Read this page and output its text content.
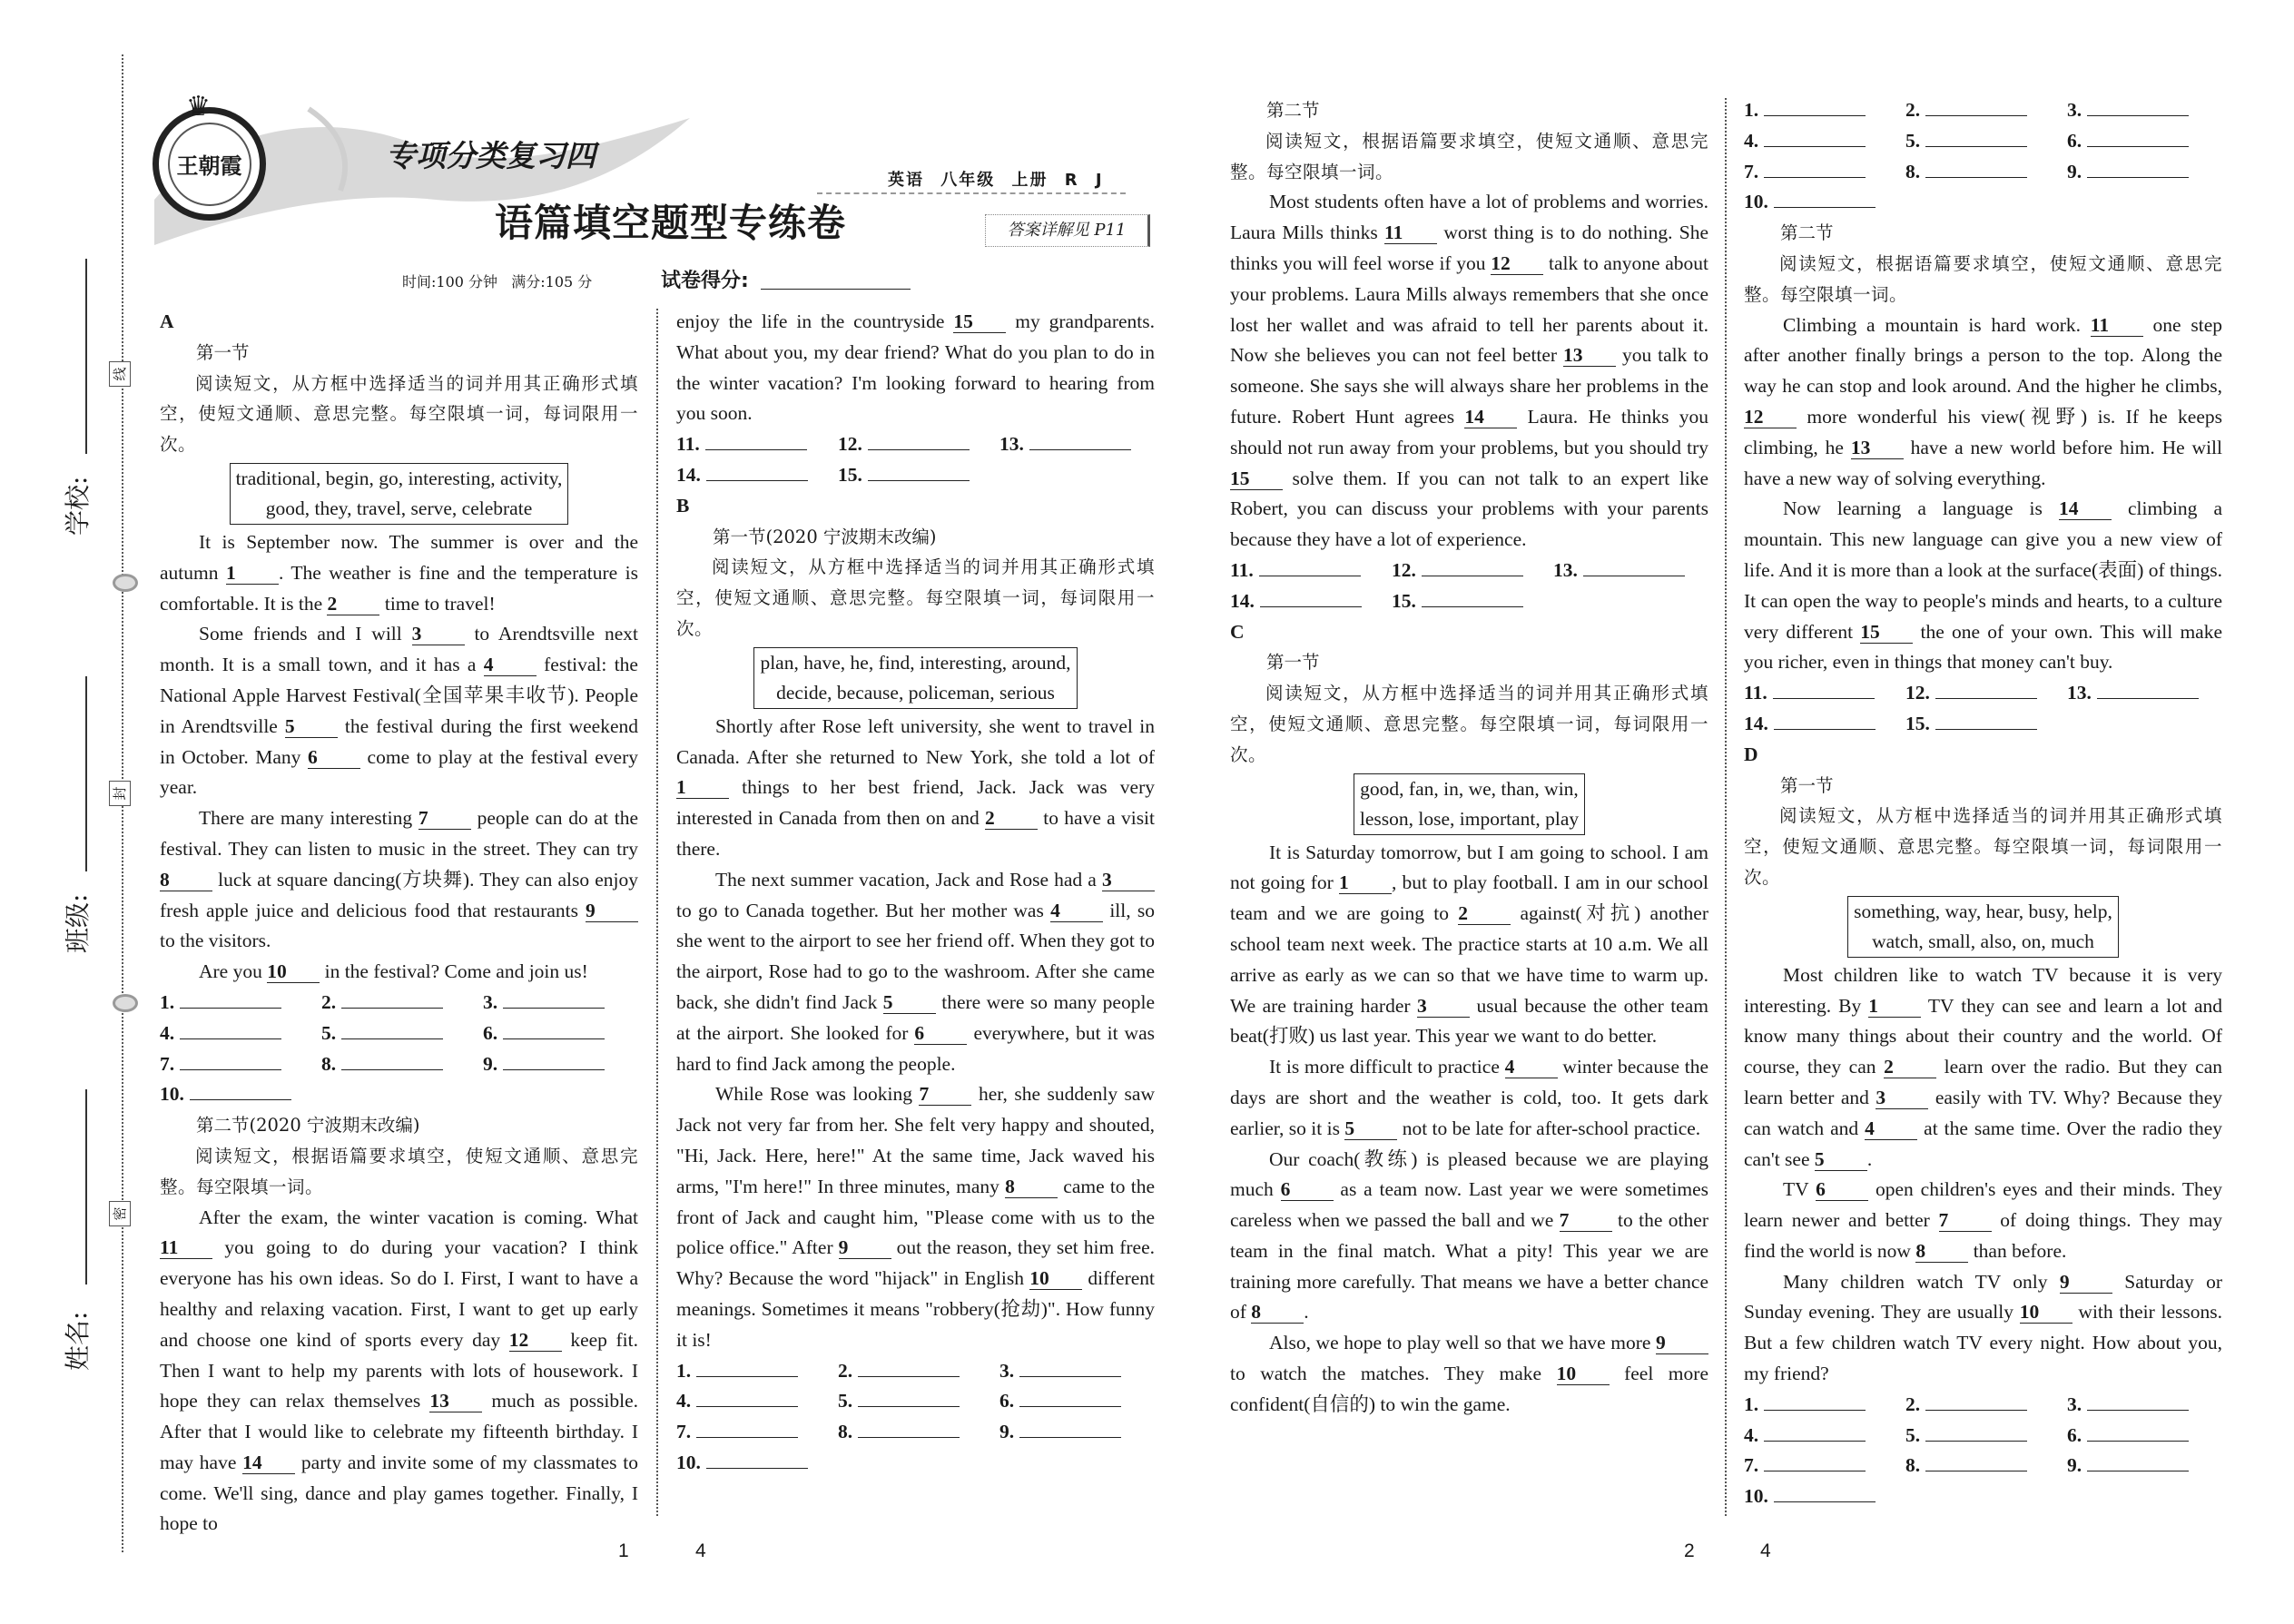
学校:
班级:
姓名:
线
封
密
王朝霞
♛
专项分类复习四
语篇填空题型专练卷
英语 八年级 上册 R J
答案详解见 P11
时间:100 分钟   满分:105 分	试卷得分:

A

第一节

阅读短文，从方框中选择适当的词并用其正确形式填空，使短文通顺、意思完整。每空限填一词，每词限用一次。

traditional, begin, go, interesting, activity,
good, they, travel, serve, celebrate

It is September now. The summer is over and the autumn 1 . The weather is fine and the temperature is comfortable. It is the 2 time to travel!

Some friends and I will 3 to Arendtsville next month. It is a small town, and it has a 4 festival: the National Apple Harvest Festival(全国苹果丰收节). People in Arendtsville 5 the festival during the first weekend in October. Many 6 come to play at the festival every year.

There are many interesting 7 people can do at the festival. They can listen to music in the street. They can try 8 luck at square dancing(方块舞). They can also enjoy fresh apple juice and delicious food that restaurants 9 to the visitors.

Are you 10 in the festival? Come and join us!

1.	2.	3.
4.	5.	6.
7.	8.	9.
10.

第二节(2020 宁波期末改编)

阅读短文，根据语篇要求填空，使短文通顺、意思完整。每空限填一词。

After the exam, the winter vacation is coming. What 11 you going to do during your vacation? I think everyone has his own ideas. So do I. First, I want to have a healthy and relaxing vacation. First, I want to get up early and choose one kind of sports every day 12 keep fit. Then I want to help my parents with lots of housework. I hope they can relax themselves 13 much as possible. After that I would like to celebrate my fifteenth birthday. I may have 14 party and invite some of my classmates to come. We'll sing, dance and play games together. Finally, I hope to

enjoy the life in the countryside 15 my grandparents. What about you, my dear friend? What do you plan to do in the winter vacation? I'm looking forward to hearing from you soon.

11.	12.	13.
14.	15.

B

第一节(2020 宁波期末改编)

阅读短文，从方框中选择适当的词并用其正确形式填空，使短文通顺、意思完整。每空限填一词，每词限用一次。

plan, have, he, find, interesting, around,
decide, because, policeman, serious

Shortly after Rose left university, she went to travel in Canada. After she returned to New York, she told a lot of 1 things to her best friend, Jack. Jack was very interested in Canada from then on and 2 to have a visit there.

The next summer vacation, Jack and Rose had a 3 to go to Canada together. But her mother was 4 ill, so she went to the airport to see her friend off. When they got to the airport, Rose had to go to the washroom. After she came back, she didn't find Jack 5 there were so many people at the airport. She looked for 6 everywhere, but it was hard to find Jack among the people.

While Rose was looking 7 her, she suddenly saw Jack not very far from her. She felt very happy and shouted, "Hi, Jack. Here, here!" At the same time, Jack waved his arms, "I'm here!" In three minutes, many 8 came to the front of Jack and caught him, "Please come with us to the police office." After 9 out the reason, they set him free. Why? Because the word "hijack" in English 10 different meanings. Sometimes it means "robbery(抢劫)". How funny it is!

1.	2.	3.
4.	5.	6.
7.	8.	9.
10.

第二节

阅读短文，根据语篇要求填空，使短文通顺、意思完整。每空限填一词。

Most students often have a lot of problems and worries. Laura Mills thinks 11 worst thing is to do nothing. She thinks you will feel worse if you 12 talk to anyone about your problems. Laura Mills always remembers that she once lost her wallet and was afraid to tell her parents about it. Now she believes you can not feel better 13 you talk to someone. She says she will always share her problems in the future. Robert Hunt agrees 14 Laura. He thinks you should not run away from your problems, but you should try 15 solve them. If you can not talk to an expert like Robert, you can discuss your problems with your parents because they have a lot of experience.

11.	12.	13.
14.	15.

C

第一节

阅读短文，从方框中选择适当的词并用其正确形式填空，使短文通顺、意思完整。每空限填一词，每词限用一次。

good, fan, in, we, than, win,
lesson, lose, important, play

It is Saturday tomorrow, but I am going to school. I am not going for 1 , but to play football. I am in our school team and we are going to 2 against(对抗) another school team next week. The practice starts at 10 a.m. We all arrive as early as we can so that we have time to warm up. We are training harder 3 usual because the other team beat(打败) us last year. This year we want to do better.

It is more difficult to practice 4 winter because the days are short and the weather is cold, too. It gets dark earlier, so it is 5 not to be late for after-school practice.

Our coach(教练) is pleased because we are playing much 6 as a team now. Last year we were sometimes careless when we passed the ball and we 7 to the other team in the final match. What a pity! This year we are training more carefully. That means we have a better chance of 8 .

Also, we hope to play well so that we have more 9 to watch the matches. They make 10 feel more confident(自信的) to win the game.

1.	2.	3.
4.	5.	6.
7.	8.	9.
10.

第二节

阅读短文，根据语篇要求填空，使短文通顺、意思完整。每空限填一词。

Climbing a mountain is hard work. 11 one step after another finally brings a person to the top. Along the way he can stop and look around. And the higher he climbs, 12 more wonderful his view(视野) is. If he keeps climbing, he 13 have a new world before him. He will have a new way of solving everything.

Now learning a language is 14 climbing a mountain. This new language can give you a new view of life. And it is more than a look at the surface(表面) of things. It can open the way to people's minds and hearts, to a culture very different 15 the one of your own. This will make you richer, even in things that money can't buy.

11.	12.	13.
14.	15.

D

第一节

阅读短文，从方框中选择适当的词并用其正确形式填空，使短文通顺、意思完整。每空限填一词，每词限用一次。

something, way, hear, busy, help,
watch, small, also, on, much

Most children like to watch TV because it is very interesting. By 1 TV they can see and learn a lot and know many things about their country and the world. Of course, they can 2 learn over the radio. But they can learn better and 3 easily with TV. Why? Because they can watch and 4 at the same time. Over the radio they can't see 5 .

TV 6 open children's eyes and their minds. They learn newer and better 7 of doing things. They may find the world is now 8 than before.

Many children watch TV only 9 Saturday or Sunday evening. They are usually 10 with their lessons. But a few children watch TV every night. How about you, my friend?

1.	2.	3.
4.	5.	6.
7.	8.	9.
10.
1	4	2	4
